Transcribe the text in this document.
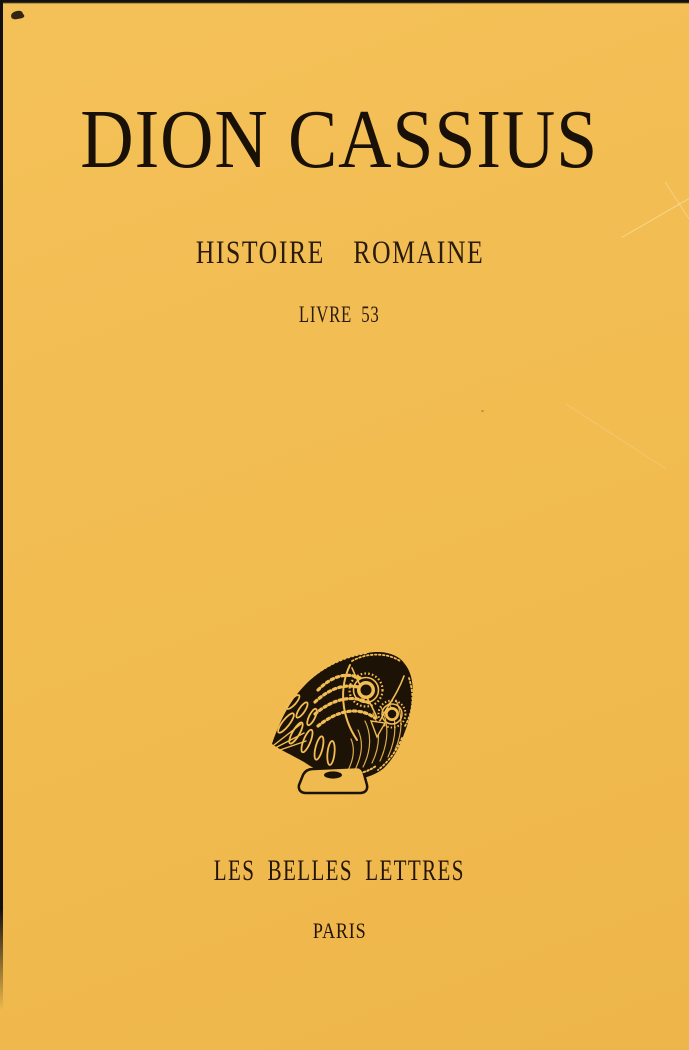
DION CASSIUS
HISTOIRE ROMAINE
LIVRE 53
LES BELLES LETTRES
PARIS
